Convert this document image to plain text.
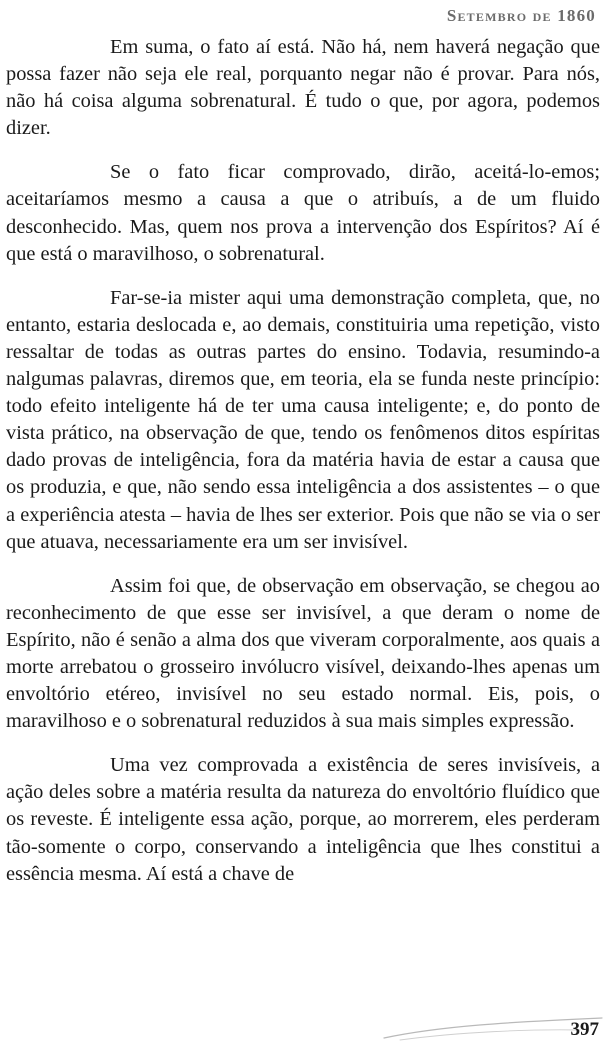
Setembro de 1860

Em suma, o fato aí está. Não há, nem haverá negação que possa fazer não seja ele real, porquanto negar não é provar. Para nós, não há coisa alguma sobrenatural. É tudo o que, por agora, podemos dizer.

Se o fato ficar comprovado, dirão, aceitá-lo-emos; aceitaríamos mesmo a causa a que o atribuís, a de um fluido desconhecido. Mas, quem nos prova a intervenção dos Espíritos? Aí é que está o maravilhoso, o sobrenatural.

Far-se-ia mister aqui uma demonstração completa, que, no entanto, estaria deslocada e, ao demais, constituiria uma repetição, visto ressaltar de todas as outras partes do ensino. Todavia, resumindo-a nalgumas palavras, diremos que, em teoria, ela se funda neste princípio: todo efeito inteligente há de ter uma causa inteligente; e, do ponto de vista prático, na observação de que, tendo os fenômenos ditos espíritas dado provas de inteligência, fora da matéria havia de estar a causa que os produzia, e que, não sendo essa inteligência a dos assistentes – o que a experiência atesta – havia de lhes ser exterior. Pois que não se via o ser que atuava, necessariamente era um ser invisível.

Assim foi que, de observação em observação, se chegou ao reconhecimento de que esse ser invisível, a que deram o nome de Espírito, não é senão a alma dos que viveram corporalmente, aos quais a morte arrebatou o grosseiro invólucro visível, deixando-lhes apenas um envoltório etéreo, invisível no seu estado normal. Eis, pois, o maravilhoso e o sobrenatural reduzidos à sua mais simples expressão.

Uma vez comprovada a existência de seres invisíveis, a ação deles sobre a matéria resulta da natureza do envoltório fluídico que os reveste. É inteligente essa ação, porque, ao morrerem, eles perderam tão-somente o corpo, conservando a inteligência que lhes constitui a essência mesma. Aí está a chave de

397
